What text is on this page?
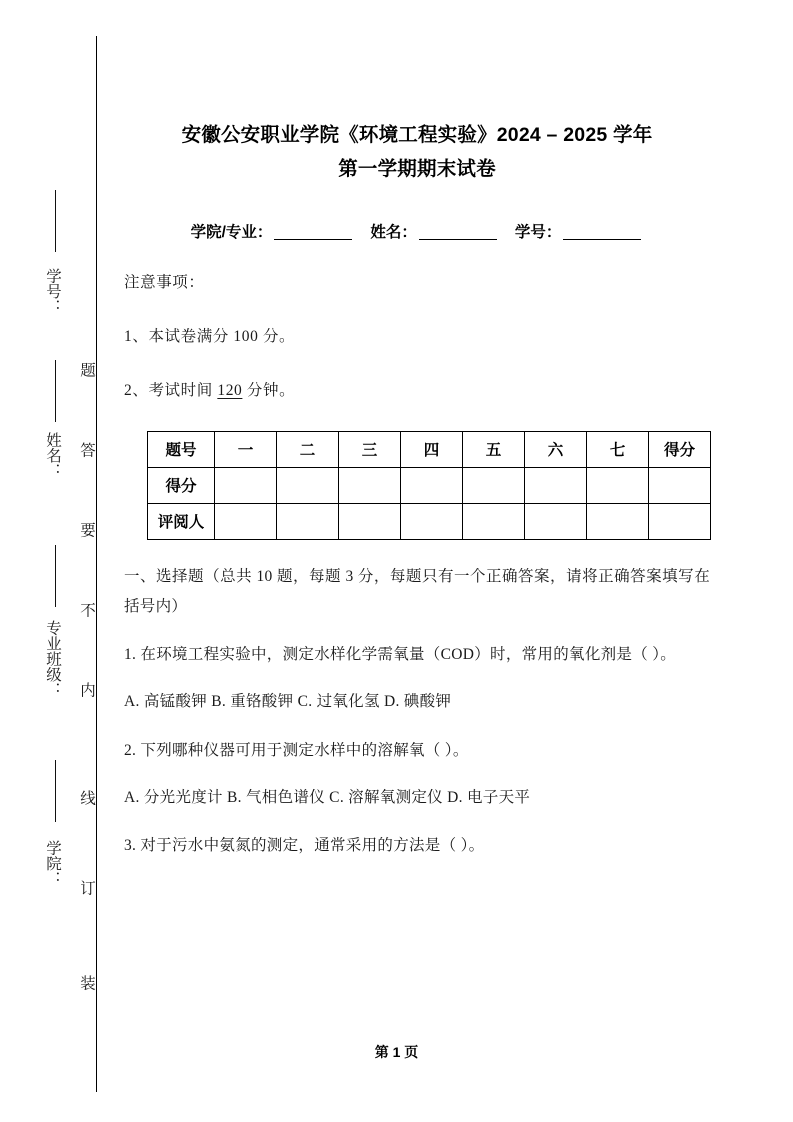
题
答
要
不
内
线
订
装
学号：
姓名：
专业班级：
学院：
安徽公安职业学院《环境工程实验》2024 – 2025 学年
第一学期期末试卷
学院/专业：	姓名：	学号：

注意事项：

1、本试卷满分 100 分。

2、考试时间 120 分钟。

题号	一	二	三	四	五	六	七	得分
得分								
评阅人								

一、选择题（总共 10 题，每题 3 分，每题只有一个正确答案，请将正确答案填写在括号内）

1. 在环境工程实验中，测定水样化学需氧量（COD）时，常用的氧化剂是（ ）。

A. 高锰酸钾 B. 重铬酸钾 C. 过氧化氢 D. 碘酸钾

2. 下列哪种仪器可用于测定水样中的溶解氧（ ）。

A. 分光光度计 B. 气相色谱仪 C. 溶解氧测定仪 D. 电子天平

3. 对于污水中氨氮的测定，通常采用的方法是（ ）。

第 1 页
